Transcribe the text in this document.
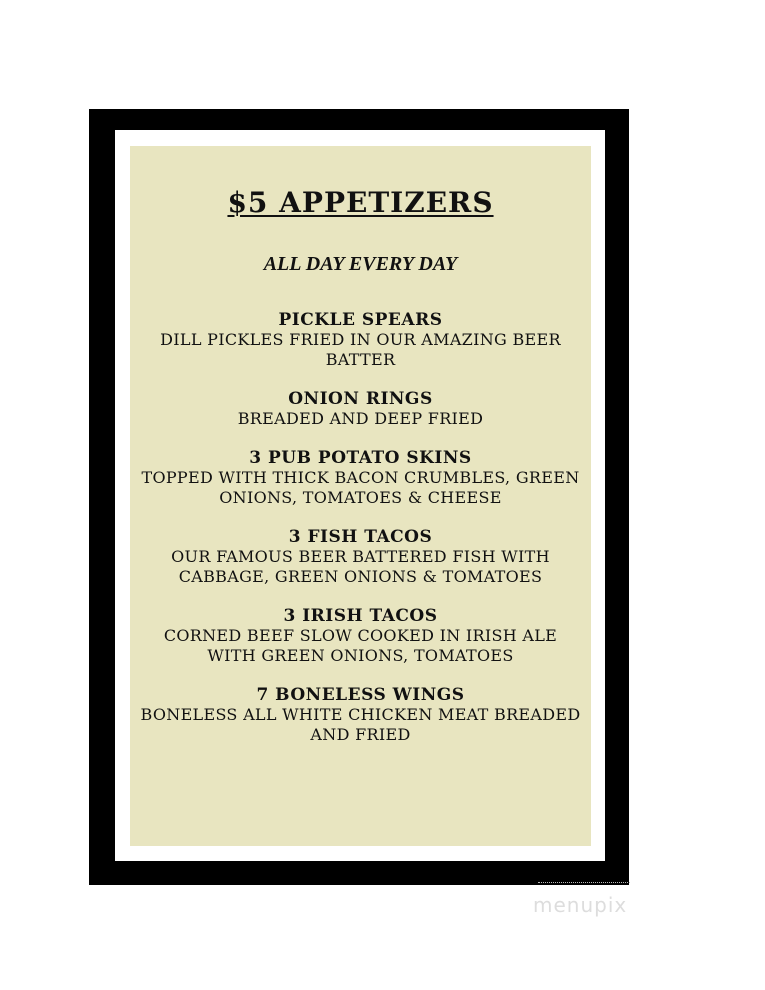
$5 APPETIZERS
ALL DAY EVERY DAY
PICKLE SPEARS
DILL PICKLES FRIED IN OUR AMAZING BEER BATTER
ONION RINGS
BREADED AND DEEP FRIED
3 PUB POTATO SKINS
TOPPED WITH THICK BACON CRUMBLES, GREEN ONIONS, TOMATOES & CHEESE
3 FISH TACOS
OUR FAMOUS BEER BATTERED FISH WITH CABBAGE, GREEN ONIONS & TOMATOES
3 IRISH TACOS
CORNED BEEF SLOW COOKED IN IRISH ALE WITH GREEN ONIONS, TOMATOES
7 BONELESS WINGS
BONELESS ALL WHITE CHICKEN MEAT BREADED AND FRIED
menupix
